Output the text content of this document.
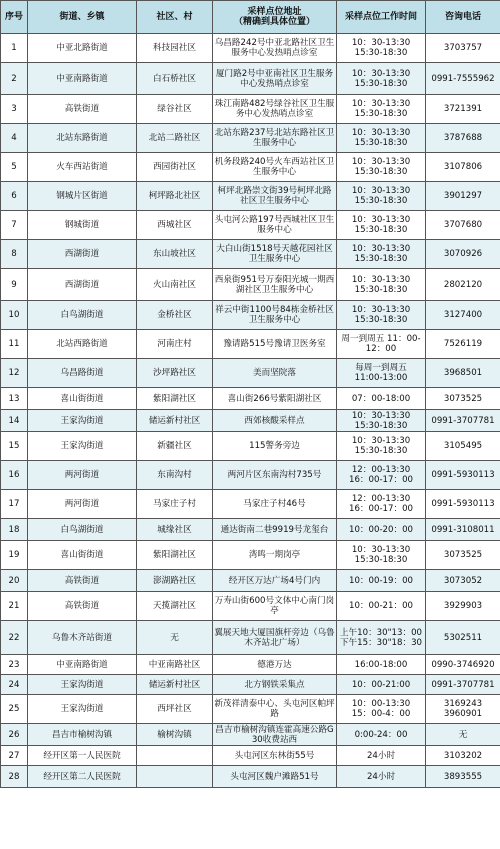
序号	街道、乡镇	社区、村	采样点位地址
（精确到具体位置）	采样点位工作时间	咨询电话
1	中亚北路街道	科技园社区	乌昌路242号中亚北路社区卫生服务中心发热哨点诊室	10：30-13:30
15:30-18:30	3703757
2	中亚南路街道	白石桥社区	厦门路2号中亚南社区卫生服务中心发热哨点诊室	10：30-13:30
15:30-18:30	0991-7555962
3	高铁街道	绿谷社区	珠江南路482号绿谷社区卫生服务中心发热哨点诊室	10：30-13:30
15:30-18:30	3721391
4	北站东路街道	北站二路社区	北站东路237号北站东路社区卫生服务中心	10：30-13:30
15:30-18:30	3787688
5	火车西站街道	西园街社区	机务段路240号火车西站社区卫生服务中心	10：30-13:30
15:30-18:30	3107806
6	钢城片区街道	柯坪路北社区	柯坪北路崇文街39号柯坪北路社区卫生服务中心	10：30-13:30
15:30-18:30	3901297
7	钢城街道	西城社区	头屯河公路197号西城社区卫生服务中心	10：30-13:30
15:30-18:30	3707680
8	西湖街道	东山坡社区	大白山街1518号天越花园社区卫生服务中心	10：30-13:30
15:30-18:30	3070926
9	西湖街道	火山南社区	西泉街951号万泰阳光城一期西湖社区卫生服务中心	10：30-13:30
15:30-18:30	2802120
10	白鸟湖街道	金桥社区	祥云中街1100号84栋金桥社区卫生服务中心	10：30-13:30
15:30-18:30	3127400
11	北站西路街道	河南庄村	豫请路515号豫请卫医务室	周一到周五 11：00-
12：00	7526119
12	乌昌路街道	沙坪路社区	美而坚院落	每周一到周五
11:00-13:00	3968501
13	喜山街街道	紫阳湖社区	喜山街266号紫阳湖社区	07：00-18:00	3073525
14	王家沟街道	储运新村社区	西郊核酸采样点	10：30-13:30
15:30-18:30	0991-3707781
15	王家沟街道	新疆社区	115警务旁边	10：30-13:30
15:30-18:30	3105495
16	两河街道	东南沟村	两河片区东南沟村735号	12：00-13:30
16：00-17：00	0991-5930113
17	两河街道	马家庄子村	马家庄子村46号	12：00-13:30
16：00-17：00	0991-5930113
18	白鸟湖街道	城缘社区	通达街南二巷9919号龙玺台	10：00-20：00	0991-3108011
19	喜山街街道	紫阳湖社区	湾鸣一期岗亭	10：30-13:30
15:30-18:30	3073525
20	高铁街道	澎湖路社区	经开区万达广场4号门内	10：00-19：00	3073052
21	高铁街道	天揽湖社区	万寿山街600号文体中心南门岗亭	10：00-21：00	3929903
22	乌鲁木齐站街道	无	翼展天地大厦国旗杆旁边（乌鲁木齐站北广场）	上午10：30"13：00
下午15：30"18：30	5302511
23	中亚南路街道	中亚南路社区	德港万达	16:00-18:00	0990-3746920
24	王家沟街道	储运新村社区	北方钢铁采集点	10：00-21:00	0991-3707781
25	王家沟街道	西坪社区	新茂祥清泰中心、头屯河区帕坪路	10：00-13:30
15：00-4：00	3169243
3960901
26	昌吉市榆树沟镇	榆树沟镇	昌吉市榆树沟镇连霍高速公路G30收费站西	0:00-24：00	无
27	经开区第一人民医院		头屯河区东林街55号	24小时	3103202
28	经开区第二人民医院		头屯河区魏户滩路51号	24小时	3893555
